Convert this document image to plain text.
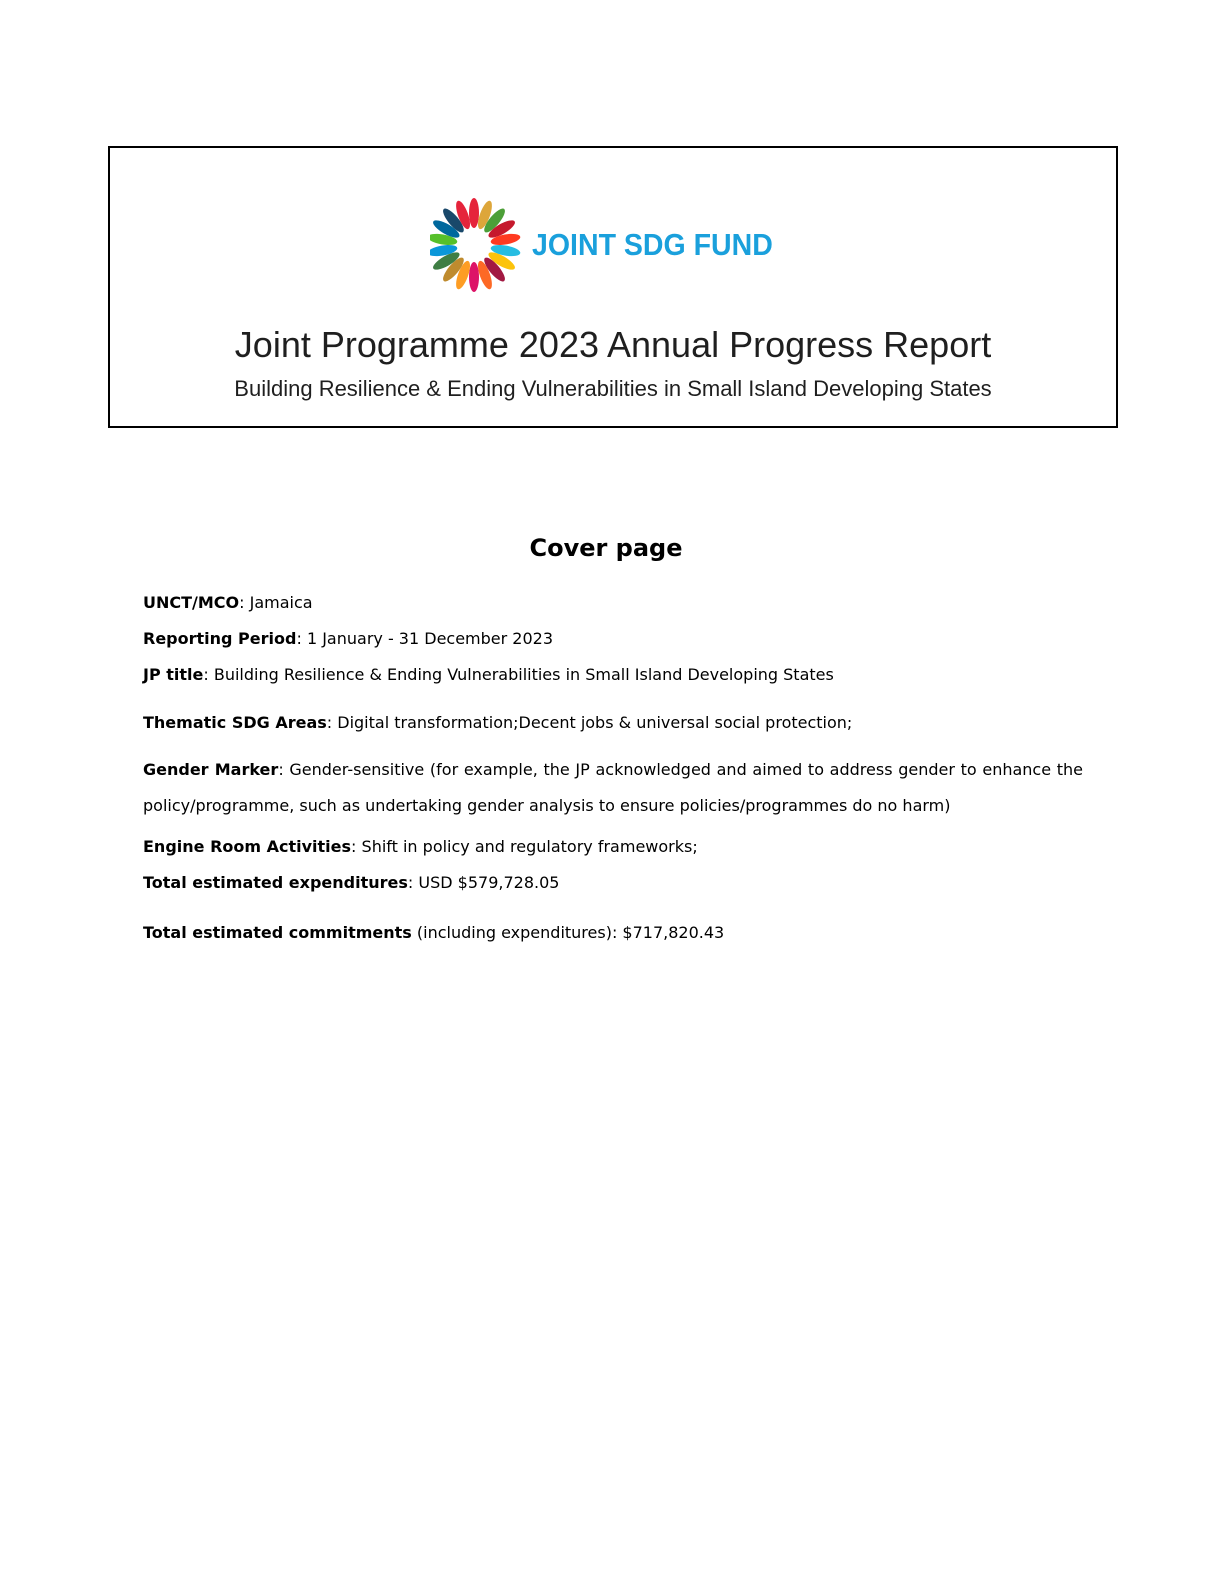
JOINT SDG FUND
Joint Programme 2023 Annual Progress Report
Building Resilience & Ending Vulnerabilities in Small Island Developing States
Cover page

UNCT/MCO: Jamaica

Reporting Period: 1 January - 31 December 2023

JP title: Building Resilience & Ending Vulnerabilities in Small Island Developing States

Thematic SDG Areas: Digital transformation;Decent jobs & universal social protection;

Gender Marker: Gender-sensitive (for example, the JP acknowledged and aimed to address gender to enhance the policy/programme, such as undertaking gender analysis to ensure policies/programmes do no harm)

Engine Room Activities: Shift in policy and regulatory frameworks;

Total estimated expenditures: USD $579,728.05

Total estimated commitments (including expenditures): $717,820.43
